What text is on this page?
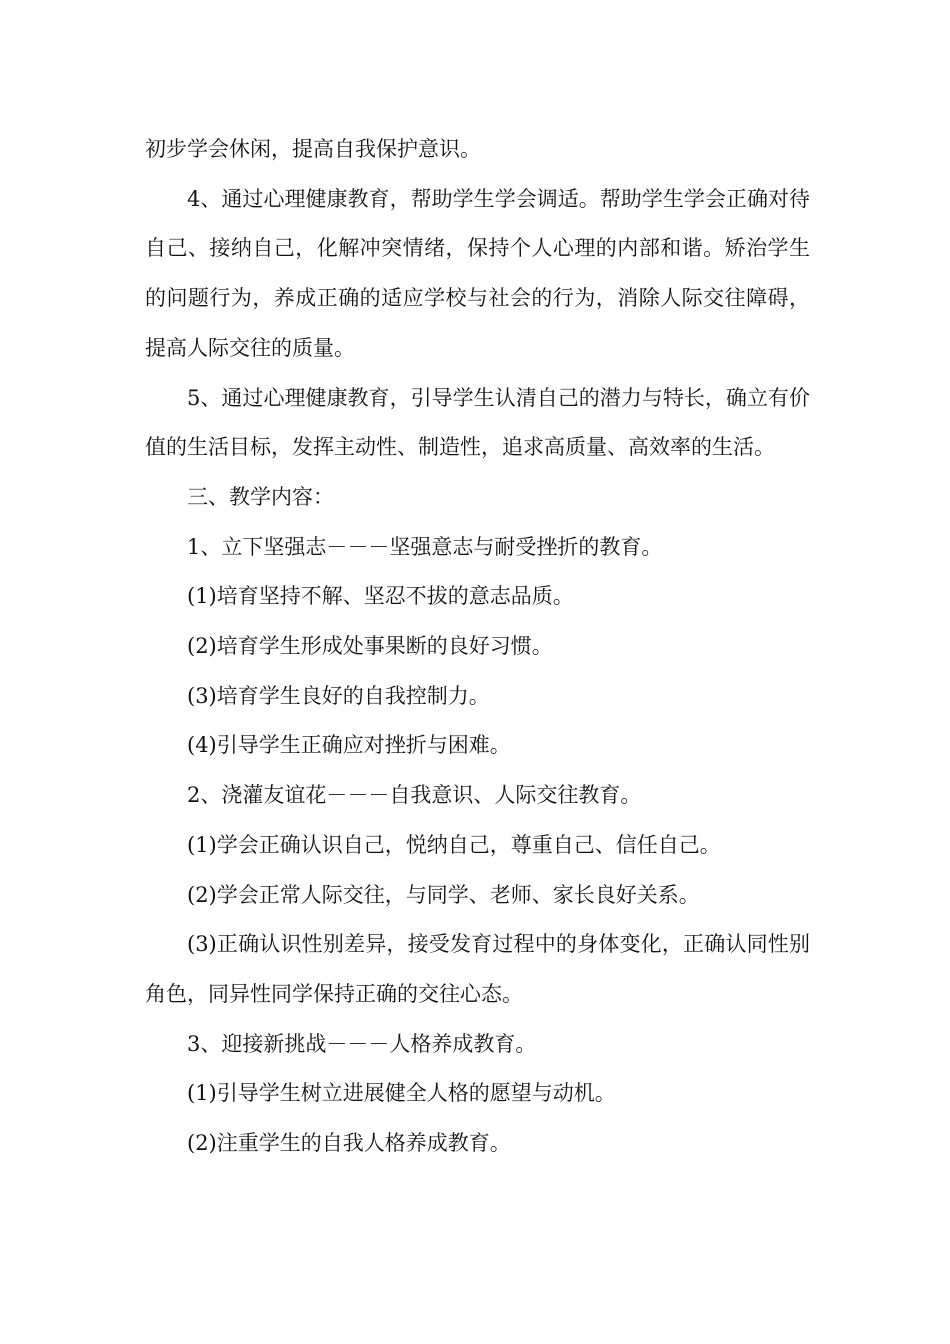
初步学会休闲，提高自我保护意识。

4、通过心理健康教育，帮助学生学会调适。帮助学生学会正确对待自己、接纳自己，化解冲突情绪，保持个人心理的内部和谐。矫治学生的问题行为，养成正确的适应学校与社会的行为，消除人际交往障碍，提高人际交往的质量。

5、通过心理健康教育，引导学生认清自己的潜力与特长，确立有价值的生活目标，发挥主动性、制造性，追求高质量、高效率的生活。

三、教学内容：

1、立下坚强志－－－坚强意志与耐受挫折的教育。

(1)培育坚持不解、坚忍不拔的意志品质。

(2)培育学生形成处事果断的良好习惯。

(3)培育学生良好的自我控制力。

(4)引导学生正确应对挫折与困难。

2、浇灌友谊花－－－自我意识、人际交往教育。

(1)学会正确认识自己，悦纳自己，尊重自己、信任自己。

(2)学会正常人际交往，与同学、老师、家长良好关系。

(3)正确认识性别差异，接受发育过程中的身体变化，正确认同性别角色，同异性同学保持正确的交往心态。

3、迎接新挑战－－－人格养成教育。

(1)引导学生树立进展健全人格的愿望与动机。

(2)注重学生的自我人格养成教育。
